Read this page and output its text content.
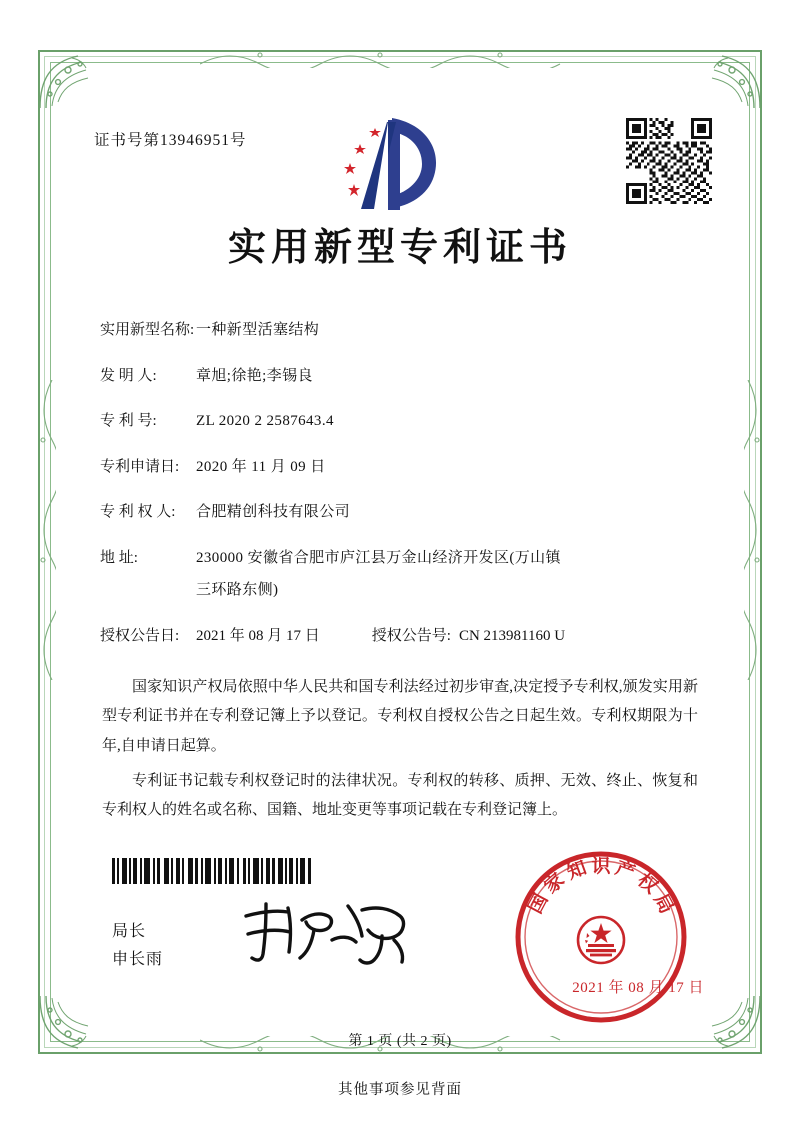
证书号第13946951号
实用新型专利证书
实用新型名称: 一种新型活塞结构
发 明 人:	章旭;徐艳;李锡良
专 利 号:	ZL 2020 2 2587643.4
专利申请日:	2020 年 11 月 09 日
专 利 权 人:	合肥精创科技有限公司
地 址:	230000 安徽省合肥市庐江县万金山经济开发区(万山镇
三环路东侧)
授权公告日:	2021 年 08 月 17 日	授权公告号: CN 213981160 U
国家知识产权局依照中华人民共和国专利法经过初步审查,决定授予专利权,颁发实用新型专利证书并在专利登记簿上予以登记。专利权自授权公告之日起生效。专利权期限为十年,自申请日起算。
专利证书记载专利权登记时的法律状况。专利权的转移、质押、无效、终止、恢复和专利权人的姓名或名称、国籍、地址变更等事项记载在专利登记簿上。
局长
申长雨
国
家
知 识 产
权
局
2021 年 08 月 17 日
第 1 页 (共 2 页)
其他事项参见背面
